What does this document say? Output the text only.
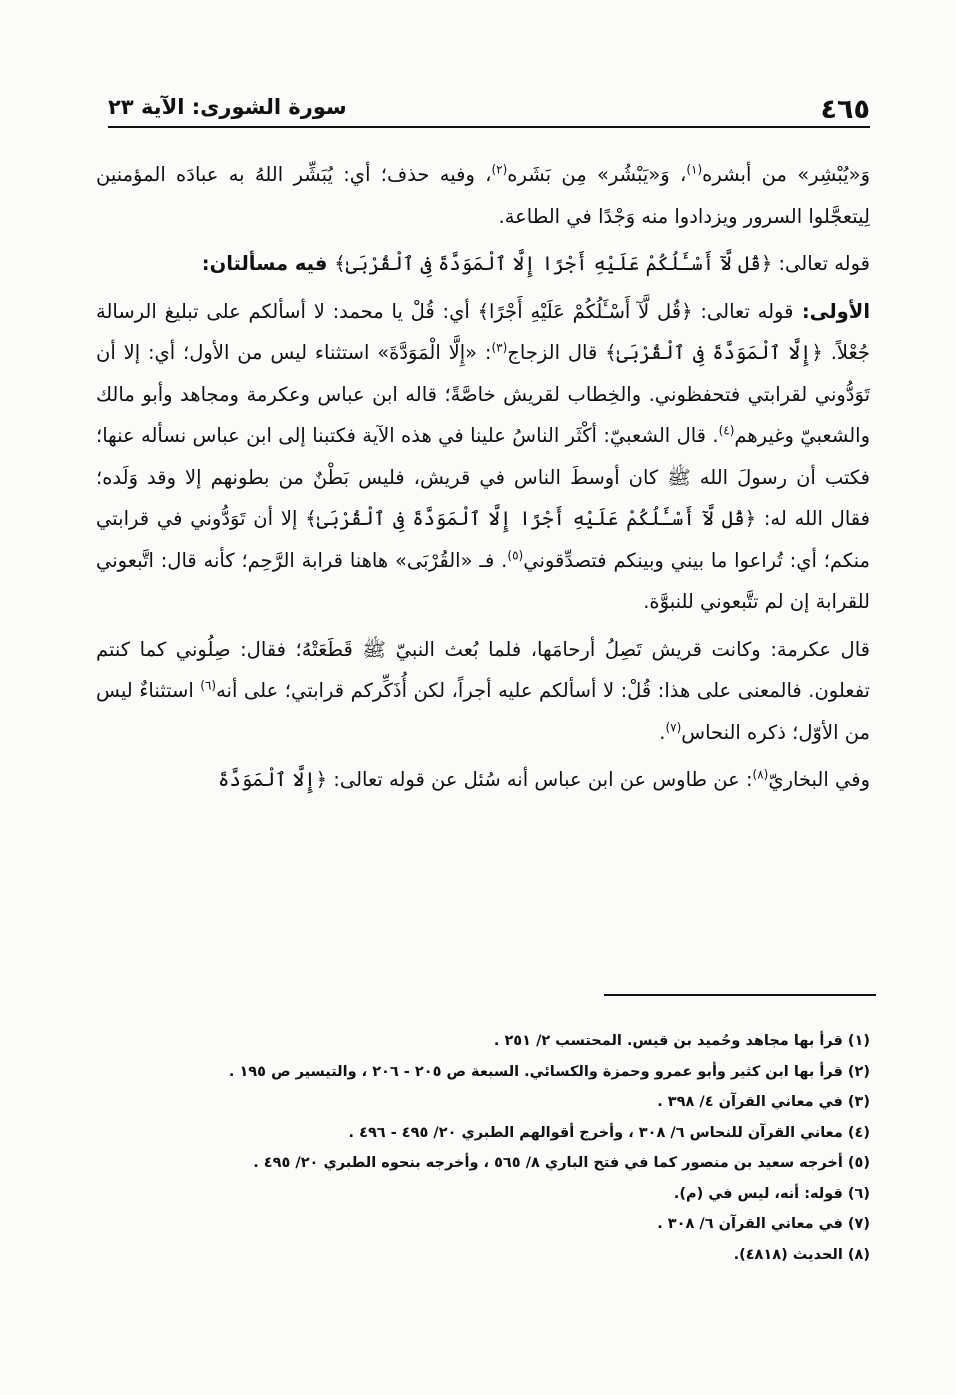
٤٦٥
سورة الشورى: الآية ٢٣

وَ«يُبْشِر» من أبشره$^{(١)}$، وَ«يَبْشُر» مِن بَشَره$^{(٢)}$، وفيه حذف؛ أي: يُبَشِّر اللهُ به عبادَه المؤمنين لِيتعجَّلوا السرور ويزدادوا منه وَجْدًا في الطاعة.

قوله تعالى: ﴿قُل لَّآ أَسْـَٔلُكُمْ عَلَيْهِ أَجْرًا إِلَّا ٱلْمَوَدَّةَ فِى ٱلْقُرْبَىٰ﴾ فيه مسألتان:

الأولى: قوله تعالى: ﴿قُل لَّآ أَسْـَٔلُكُمْ عَلَيْهِ أَجْرًا﴾ أي: قُلْ يا محمد: لا أسألكم على تبليغ الرسالة جُعْلاً. ﴿إِلَّا ٱلْمَوَدَّةَ فِى ٱلْقُرْبَىٰ﴾ قال الزجاج$^{(٣)}$: «إِلَّا الْمَوَدَّةَ» استثناء ليس من الأول؛ أي: إلا أن تَوَدُّوني لقرابتي فتحفظوني. والخِطاب لقريش خاصَّةً؛ قاله ابن عباس وعكرمة ومجاهد وأبو مالك والشعبيّ وغيرهم$^{(٤)}$. قال الشعبيّ: أكْثَر الناسُ علينا في هذه الآية فكتبنا إلى ابن عباس نسأله عنها؛ فكتب أن رسولَ الله ﷺ كان أوسطَ الناس في قريش، فليس بَطْنٌ من بطونهم إلا وقد وَلَده؛ فقال الله له: ﴿قُل لَّآ أَسْـَٔلُكُمْ عَلَيْهِ أَجْرًا إِلَّا ٱلْمَوَدَّةَ فِى ٱلْقُرْبَىٰ﴾ إلا أن تَوَدُّوني في قرابتي منكم؛ أي: تُراعوا ما بيني وبينكم فتصدِّقوني$^{(٥)}$. فـ «القُرْبَى» هاهنا قرابة الرَّحِم؛ كأنه قال: اتَّبعوني للقرابة إن لم تتَّبعوني للنبوَّة.

قال عكرمة: وكانت قريش تَصِلُ أرحامَها، فلما بُعث النبيّ ﷺ قَطَعَتْهُ؛ فقال: صِلُوني كما كنتم تفعلون. فالمعنى على هذا: قُلْ: لا أسألكم عليه أجراً، لكن أُذَكِّركم قرابتي؛ على أنه$^{(٦)}$ استثناءٌ ليس من الأوّل؛ ذكره النحاس$^{(٧)}$.

وفي البخاريّ$^{(٨)}$: عن طاوس عن ابن عباس أنه سُئل عن قوله تعالى: ﴿إِلَّا ٱلْمَوَدَّةَ

(١) قرأ بها مجاهد وحُميد بن قيس. المحتسب ٢/ ٢٥١ .

(٢) قرأ بها ابن كثير وأبو عمرو وحمزة والكسائي. السبعة ص ٢٠٥ - ٢٠٦ ، والتيسير ص ١٩٥ .

(٣) في معاني القرآن ٤/ ٣٩٨ .

(٤) معاني القرآن للنحاس ٦/ ٣٠٨ ، وأخرج أقوالهم الطبري ٢٠/ ٤٩٥ - ٤٩٦ .

(٥) أخرجه سعيد بن منصور كما في فتح الباري ٨/ ٥٦٥ ، وأخرجه بنحوه الطبري ٢٠/ ٤٩٥ .

(٦) قوله: أنه، ليس في (م).

(٧) في معاني القرآن ٦/ ٣٠٨ .

(٨) الحديث (٤٨١٨).
